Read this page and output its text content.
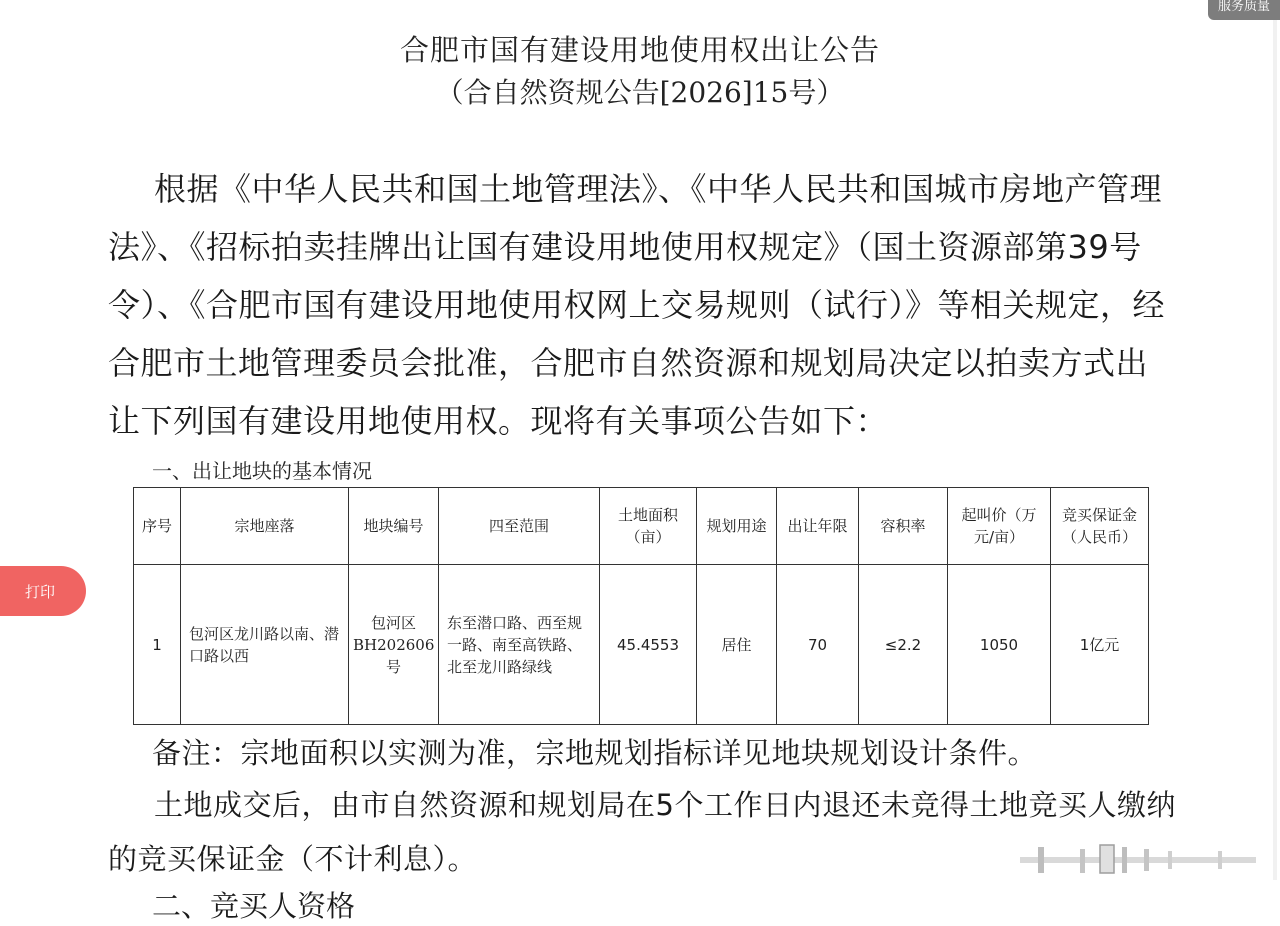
合肥市国有建设用地使用权出让公告
（合自然资规公告[2026]15号）

根据《中华人民共和国土地管理法》、《中华人民共和国城市房地产管理法》、《招标拍卖挂牌出让国有建设用地使用权规定》（国土资源部第39号令）、《合肥市国有建设用地使用权网上交易规则（试行）》等相关规定，经合肥市土地管理委员会批准，合肥市自然资源和规划局决定以拍卖方式出让下列国有建设用地使用权。现将有关事项公告如下：

一、出让地块的基本情况
序号	宗地座落	地块编号	四至范围	土地面积（亩）	规划用途	出让年限	容积率	起叫价（万元/亩）	竞买保证金（人民币）
1	包河区龙川路以南、潜口路以西	包河区BH202606号	东至潜口路、西至规一路、南至高铁路、北至龙川路绿线	45.4553	居住	70	≤2.2	1050	1亿元
备注：宗地面积以实测为准，宗地规划指标详见地块规划设计条件。

土地成交后，由市自然资源和规划局在5个工作日内退还未竞得土地竞买人缴纳的竞买保证金（不计利息）。

二、竞买人资格
打印
服务质量
